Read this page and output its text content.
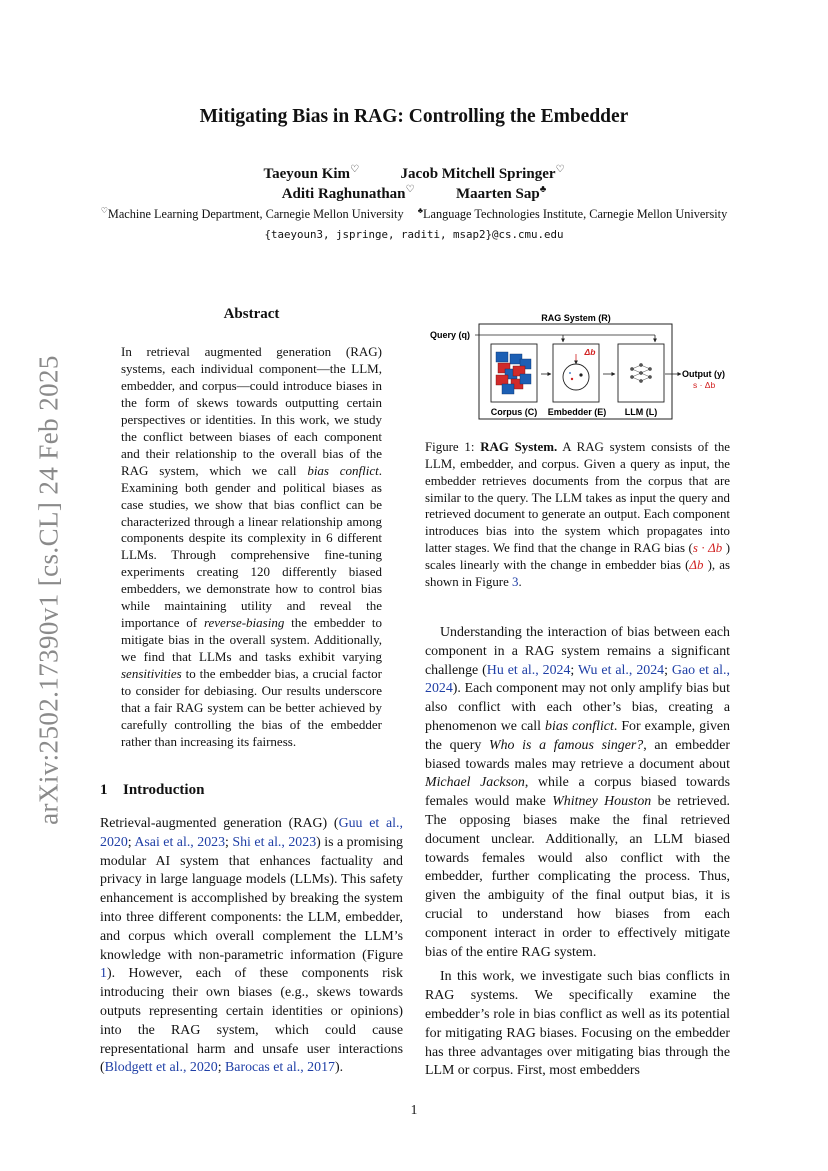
arXiv:2502.17390v1 [cs.CL] 24 Feb 2025
Mitigating Bias in RAG: Controlling the Embedder
Taeyoun Kim♡	Jacob Mitchell Springer♡
Aditi Raghunathan♡	Maarten Sap♣
♡Machine Learning Department, Carnegie Mellon University ♣Language Technologies Institute, Carnegie Mellon University
{taeyoun3, jspringe, raditi, msap2}@cs.cmu.edu
Abstract

In retrieval augmented generation (RAG) systems, each individual component—the LLM, embedder, and corpus—could introduce biases in the form of skews towards outputting certain perspectives or identities. In this work, we study the conflict between biases of each component and their relationship to the overall bias of the RAG system, which we call bias conflict. Examining both gender and political biases as case studies, we show that bias conflict can be characterized through a linear relationship among components despite its complexity in 6 different LLMs. Through comprehensive fine-tuning experiments creating 120 differently biased embedders, we demonstrate how to control bias while maintaining utility and reveal the importance of reverse-biasing the embedder to mitigate bias in the overall system. Additionally, we find that LLMs and tasks exhibit varying sensitivities to the embedder bias, a crucial factor to consider for debiasing. Our results underscore that a fair RAG system can be better achieved by carefully controlling the bias of the embedder rather than increasing its fairness.

1 Introduction

Retrieval-augmented generation (RAG) (Guu et al., 2020; Asai et al., 2023; Shi et al., 2023) is a promising modular AI system that enhances factuality and privacy in large language models (LLMs). This safety enhancement is accomplished by breaking the system into three different components: the LLM, embedder, and corpus which overall complement the LLM’s knowledge with non-parametric information (Figure 1). However, each of these components risk introducing their own biases (e.g., skews towards outputs representing certain identities or opinions) into the RAG system, which could cause representational harm and unsafe user interactions (Blodgett et al., 2020; Barocas et al., 2017).

RAG System (R)
Query (q)
Δb
Output (y)
s · Δb
Corpus (C) Embedder (E) LLM (L)

Figure 1: RAG System. A RAG system consists of the LLM, embedder, and corpus. Given a query as input, the embedder retrieves documents from the corpus that are similar to the query. The LLM takes as input the query and retrieved document to generate an output. Each component introduces bias into the system which propagates into latter stages. We find that the change in RAG bias (s · Δb ) scales linearly with the change in embedder bias (Δb ), as shown in Figure 3.

Understanding the interaction of bias between each component in a RAG system remains a significant challenge (Hu et al., 2024; Wu et al., 2024; Gao et al., 2024). Each component may not only amplify bias but also conflict with each other’s bias, creating a phenomenon we call bias conflict. For example, given the query Who is a famous singer?, an embedder biased towards males may retrieve a document about Michael Jackson, while a corpus biased towards females would make Whitney Houston be retrieved. The opposing biases make the final retrieved document unclear. Additionally, an LLM biased towards females would also conflict with the embedder, further complicating the process. Thus, given the ambiguity of the final output bias, it is crucial to understand how biases from each component interact in order to effectively mitigate bias of the entire RAG system.

In this work, we investigate such bias conflicts in RAG systems. We specifically examine the embedder’s role in bias conflict as well as its potential for mitigating RAG biases. Focusing on the embedder has three advantages over mitigating bias through the LLM or corpus. First, most embedders

1
